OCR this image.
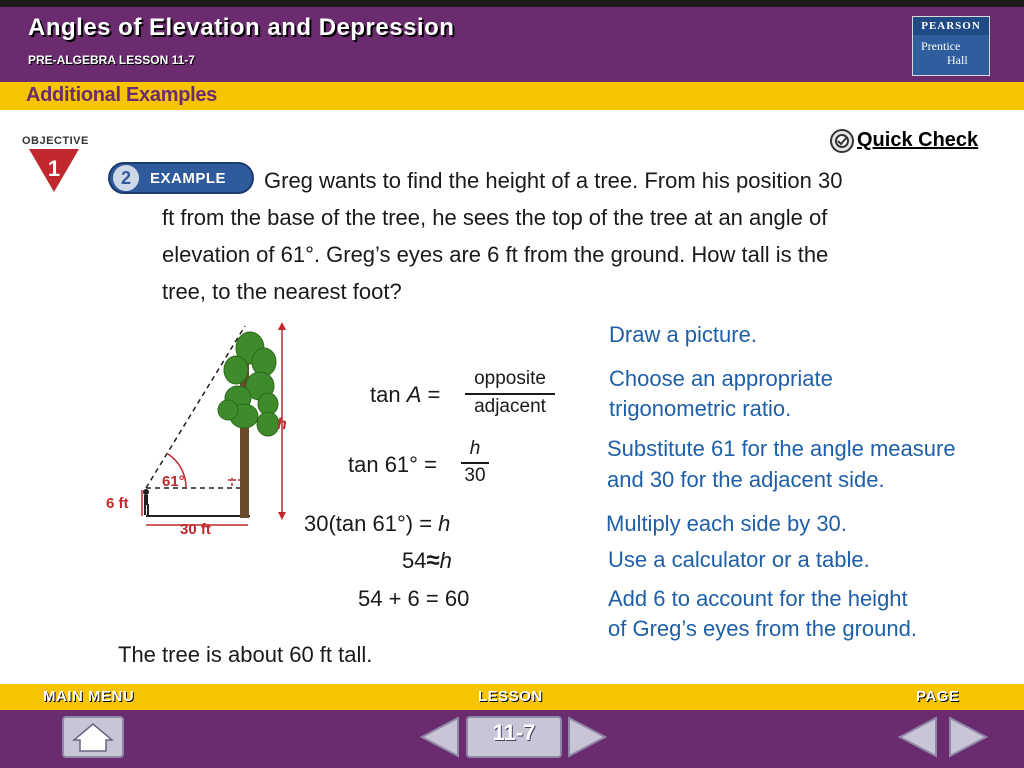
Angles of Elevation and Depression
PRE-ALGEBRA LESSON 11-7
PEARSON
Prentice
Hall
Additional Examples
OBJECTIVE
1	2	EXAMPLE
Quick Check
Greg wants to find the height of a tree. From his position 30
ft from the base of the tree, he sees the top of the tree at an angle of
elevation of 61°. Greg’s eyes are 6 ft from the ground. How tall is the
tree, to the nearest foot?
61°
6 ft
30 ft
h
tan A =
opposite
adjacent
tan 61° =
h
30
30(tan 61°) = h
54≈h
54 + 6 = 60
Draw a picture.
Choose an appropriate
trigonometric ratio.
Substitute 61 for the angle measure
and 30 for the adjacent side.
Multiply each side by 30.
Use a calculator or a table.
Add 6 to account for the height
of Greg’s eyes from the ground.
The tree is about 60 ft tall.
MAIN MENU	LESSON	PAGE
11-7
